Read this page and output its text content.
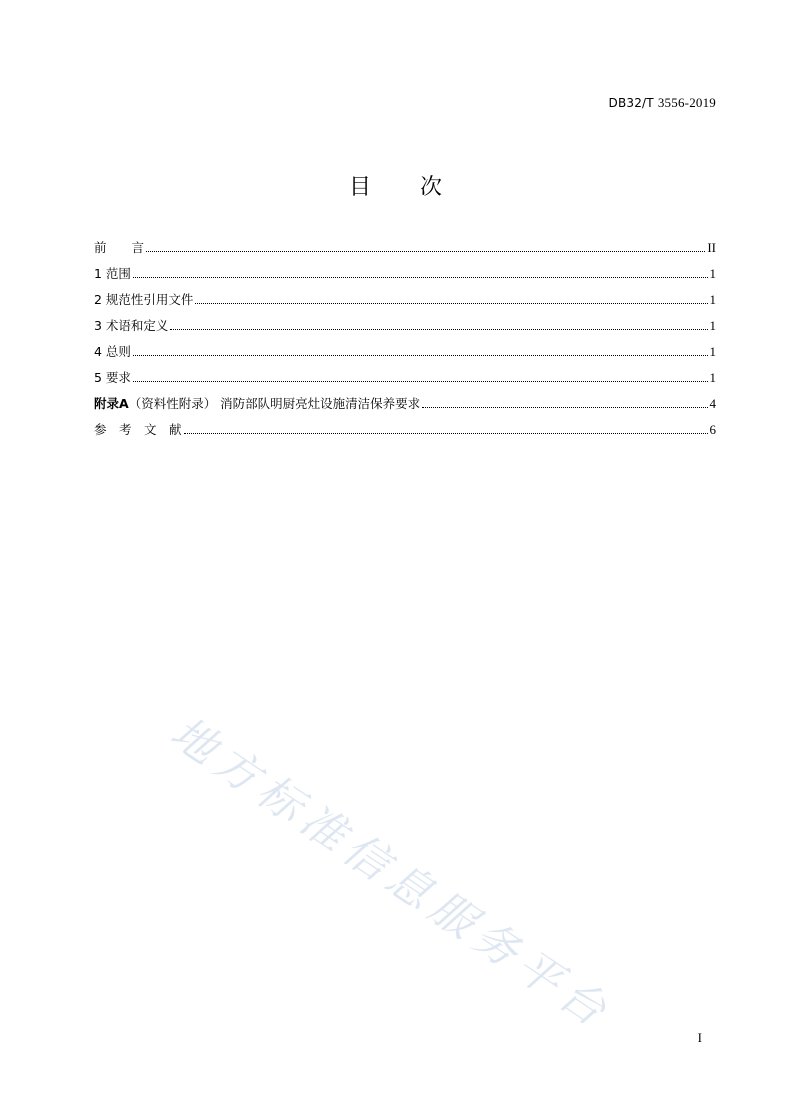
DB32/T 3556-2019
目 次
前　　言	II
1 范围	1
2 规范性引用文件	1
3 术语和定义	1
4 总则	1
5 要求	1
附录A（资料性附录） 消防部队明厨亮灶设施清洁保养要求	4
参　考　文　献	6
地方标准信息服务平台	I
